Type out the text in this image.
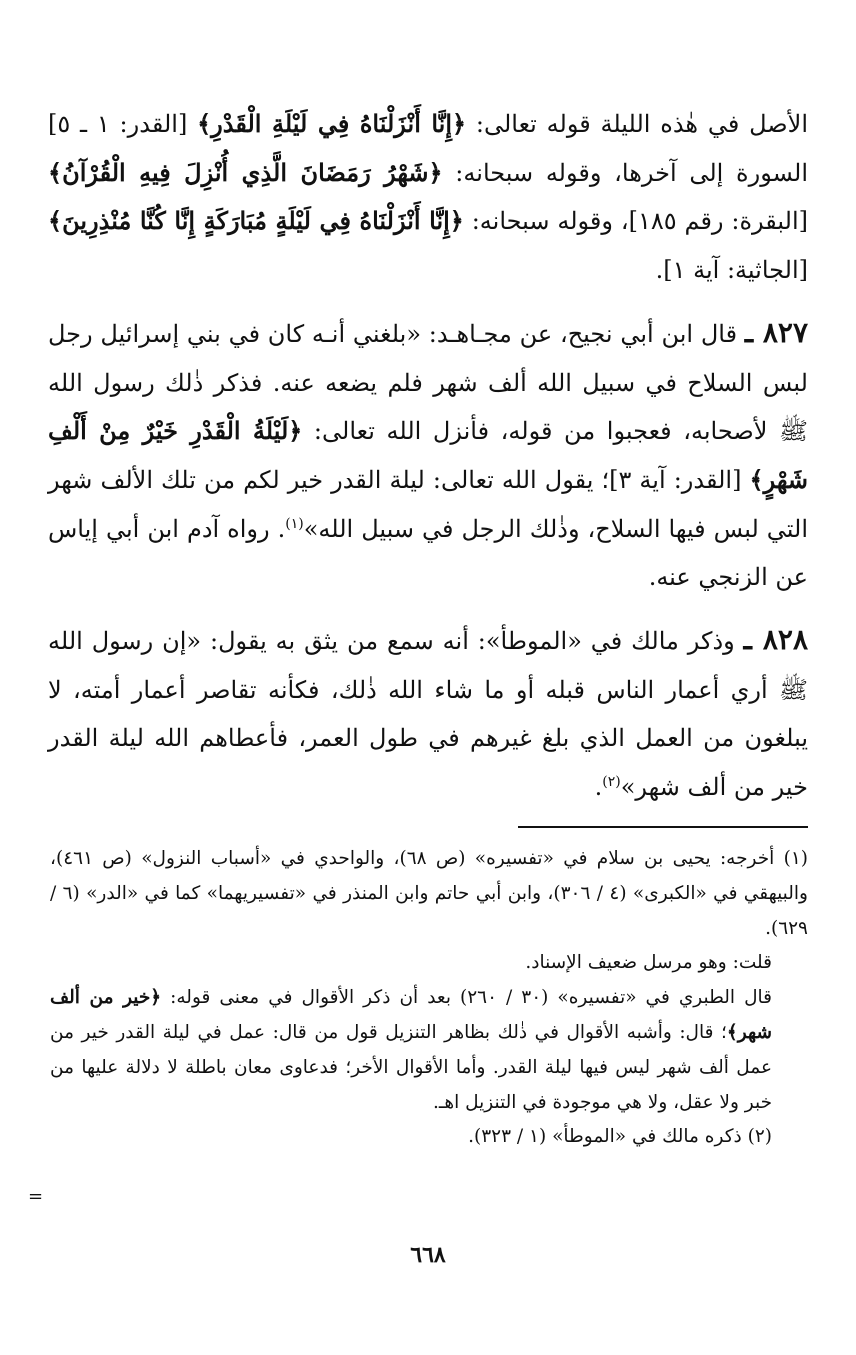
الأصل في هٰذه الليلة قوله تعالى: ﴿إِنَّا أَنْزَلْنَاهُ فِي لَيْلَةِ الْقَدْرِ﴾ [القدر: ١ ـ ٥] السورة إلى آخرها، وقوله سبحانه: ﴿شَهْرُ رَمَضَانَ الَّذِي أُنْزِلَ فِيهِ الْقُرْآنُ﴾ [البقرة: رقم ١٨٥]، وقوله سبحانه: ﴿إِنَّا أَنْزَلْنَاهُ فِي لَيْلَةٍ مُبَارَكَةٍ إِنَّا كُنَّا مُنْذِرِينَ﴾ [الجاثية: آية ١].

٨٢٧ ـ قال ابن أبي نجيح، عن مجـاهـد: «بلغني أنـه كان في بني إسرائيل رجل لبس السلاح في سبيل الله ألف شهر فلم يضعه عنه. فذكر ذٰلك رسول الله ﷺ لأصحابه، فعجبوا من قوله، فأنزل الله تعالى: ﴿لَيْلَةُ الْقَدْرِ خَيْرٌ مِنْ أَلْفِ شَهْرٍ﴾ [القدر: آية ٣]؛ يقول الله تعالى: ليلة القدر خير لكم من تلك الألف شهر التي لبس فيها السلاح، وذٰلك الرجل في سبيل الله»$^{(١)}$. رواه آدم ابن أبي إياس عن الزنجي عنه.

٨٢٨ ـ وذكر مالك في «الموطأ»: أنه سمع من يثق به يقول: «إن رسول الله ﷺ أري أعمار الناس قبله أو ما شاء الله ذٰلك، فكأنه تقاصر أعمار أمته، لا يبلغون من العمل الذي بلغ غيرهم في طول العمر، فأعطاهم الله ليلة القدر خير من ألف شهر»$^{(٢)}$.

(١) أخرجه: يحيى بن سلام في «تفسيره» (ص ٦٨)، والواحدي في «أسباب النزول» (ص ٤٦١)، والبيهقي في «الكبرى» (٤ / ٣٠٦)، وابن أبي حاتم وابن المنذر في «تفسيريهما» كما في «الدر» (٦ / ٦٢٩).

قلت: وهو مرسل ضعيف الإسناد.

قال الطبري في «تفسيره» (٣٠ / ٢٦٠) بعد أن ذكر الأقوال في معنى قوله: ﴿خير من ألف شهر﴾؛ قال: وأشبه الأقوال في ذٰلك بظاهر التنزيل قول من قال: عمل في ليلة القدر خير من عمل ألف شهر ليس فيها ليلة القدر. وأما الأقوال الأخر؛ فدعاوى معان باطلة لا دلالة عليها من خبر ولا عقل، ولا هي موجودة في التنزيل اهـ.

(٢) ذكره مالك في «الموطأ» (١ / ٣٢٣).

=
٦٦٨
